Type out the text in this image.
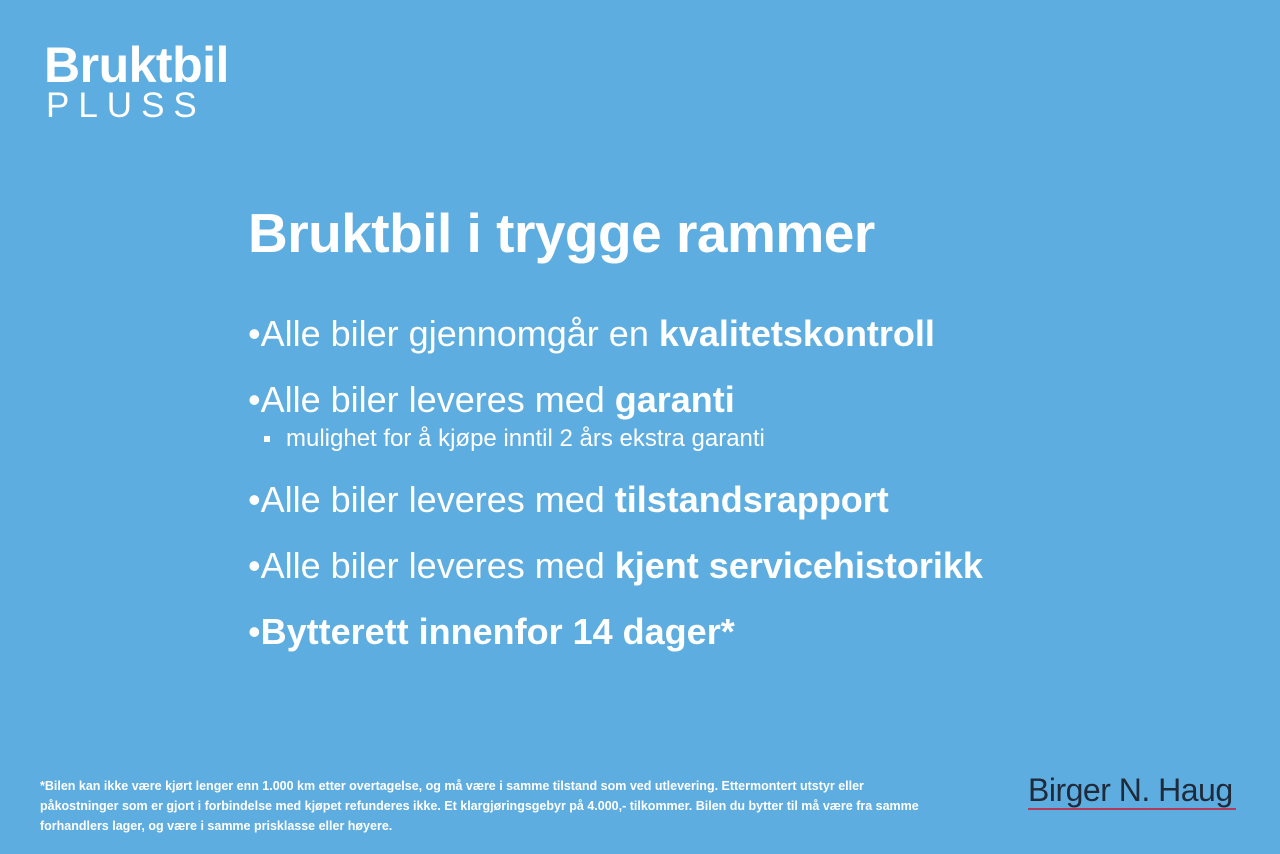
Bruktbil
PLUSS
Bruktbil i trygge rammer
•Alle biler gjennomgår en kvalitetskontroll
•Alle biler leveres med garanti
mulighet for å kjøpe inntil 2 års ekstra garanti
•Alle biler leveres med tilstandsrapport
•Alle biler leveres med kjent servicehistorikk
•Bytterett innenfor 14 dager*
*Bilen kan ikke være kjørt lenger enn 1.000 km etter overtagelse, og må være i samme tilstand som ved utlevering. Ettermontert utstyr eller påkostninger som er gjort i forbindelse med kjøpet refunderes ikke. Et klargjøringsgebyr på 4.000,- tilkommer. Bilen du bytter til må være fra samme forhandlers lager, og være i samme prisklasse eller høyere.
Birger N. Haug
